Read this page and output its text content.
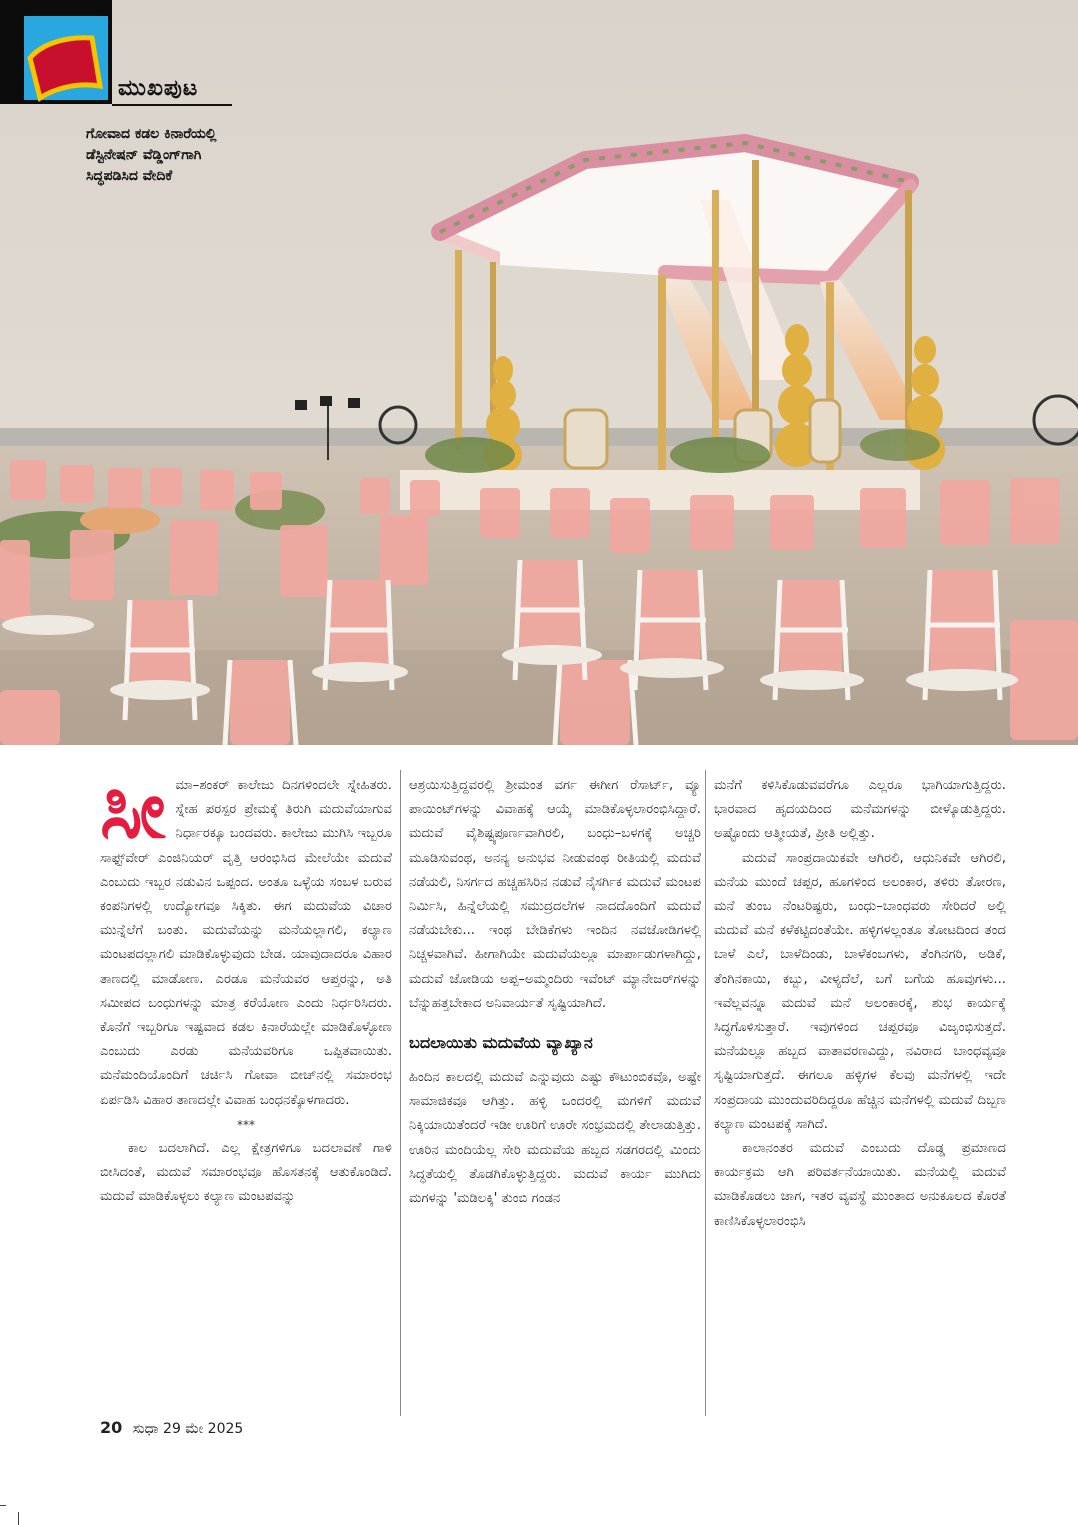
ಮುಖಪುಟ
ಗೋವಾದ ಕಡಲ ಕಿನಾರೆಯಲ್ಲಿ
ಡೆಸ್ಟಿನೇಷನ್ ವೆಡ್ಡಿಂಗ್‌ಗಾಗಿ
ಸಿದ್ಧಪಡಿಸಿದ ವೇದಿಕೆ

ಸೀಮಾ–ಶಂಕರ್ ಕಾಲೇಜು ದಿನಗಳಿಂದಲೇ ಸ್ನೇಹಿತರು. ಸ್ನೇಹ ಪರಸ್ಪರ ಪ್ರೇಮಕ್ಕೆ ತಿರುಗಿ ಮದುವೆಯಾಗುವ ನಿರ್ಧಾರಕ್ಕೂ ಬಂದವರು. ಕಾಲೇಜು ಮುಗಿಸಿ ಇಬ್ಬರೂ ಸಾಫ್ಟ್‌ವೇರ್ ಎಂಜಿನಿಯರ್ ವೃತ್ತಿ ಆರಂಭಿಸಿದ ಮೇಲೆಯೇ ಮದುವೆ ಎಂಬುದು ಇಬ್ಬರ ನಡುವಿನ ಒಪ್ಪಂದ. ಅಂತೂ ಒಳ್ಳೆಯ ಸಂಬಳ ಬರುವ ಕಂಪನಿಗಳಲ್ಲಿ ಉದ್ಯೋಗವೂ ಸಿಕ್ಕಿತು. ಈಗ ಮದುವೆಯ ವಿಚಾರ ಮುನ್ನೆಲೆಗೆ ಬಂತು. ಮದುವೆಯನ್ನು ಮನೆಯಲ್ಲಾಗಲಿ, ಕಲ್ಯಾಣ ಮಂಟಪದಲ್ಲಾಗಲಿ ಮಾಡಿಕೊಳ್ಳುವುದು ಬೇಡ. ಯಾವುದಾದರೂ ವಿಹಾರ ತಾಣದಲ್ಲಿ ಮಾಡೋಣ. ಎರಡೂ ಮನೆಯವರ ಆಪ್ತರನ್ನು, ಅತಿ ಸಮೀಪದ ಬಂಧುಗಳನ್ನು ಮಾತ್ರ ಕರೆಯೋಣ ಎಂದು ನಿರ್ಧರಿಸಿದರು. ಕೊನೆಗೆ ಇಬ್ಬರಿಗೂ ಇಷ್ಟವಾದ ಕಡಲ ಕಿನಾರೆಯಲ್ಲೇ ಮಾಡಿಕೊಳ್ಳೋಣ ಎಂಬುದು ಎರಡು ಮನೆಯವರಿಗೂ ಒಪ್ಪಿತವಾಯಿತು. ಮನೆಮಂದಿಯೊಂದಿಗೆ ಚರ್ಚಿಸಿ ಗೋವಾ ಬೀಚ್‌ನಲ್ಲಿ ಸಮಾರಂಭ ಏರ್ಪಡಿಸಿ ವಿಹಾರ ತಾಣದಲ್ಲೇ ವಿವಾಹ ಬಂಧನಕ್ಕೊಳಗಾದರು.

***

ಕಾಲ ಬದಲಾಗಿದೆ. ಎಲ್ಲ ಕ್ಷೇತ್ರಗಳಿಗೂ ಬದಲಾವಣೆ ಗಾಳಿ ಬೀಸಿದಂತೆ, ಮದುವೆ ಸಮಾರಂಭವೂ ಹೊಸತನಕ್ಕೆ ಆತುಕೊಂಡಿದೆ. ಮದುವೆ ಮಾಡಿಕೊಳ್ಳಲು ಕಲ್ಯಾಣ ಮಂಟಪವನ್ನು

ಆಶ್ರಯಿಸುತ್ತಿದ್ದವರಲ್ಲಿ ಶ್ರೀಮಂತ ವರ್ಗ ಈಗೀಗ ರೆಸಾರ್ಟ್, ವ್ಯೂ ಪಾಯಿಂಟ್‌ಗಳನ್ನು ವಿವಾಹಕ್ಕೆ ಆಯ್ಕೆ ಮಾಡಿಕೊಳ್ಳಲಾರಂಭಿಸಿದ್ದಾರೆ. ಮದುವೆ ವೈಶಿಷ್ಟ್ಯಪೂರ್ಣವಾಗಿರಲಿ, ಬಂಧು–ಬಳಗಕ್ಕೆ ಅಚ್ಚರಿ ಮೂಡಿಸುವಂಥ, ಅನನ್ಯ ಅನುಭವ ನೀಡುವಂಥ ರೀತಿಯಲ್ಲಿ ಮದುವೆ ನಡೆಯಲಿ, ನಿಸರ್ಗದ ಹಚ್ಚಹಸಿರಿನ ನಡುವೆ ನೈಸರ್ಗಿಕ ಮದುವೆ ಮಂಟಪ ನಿರ್ಮಿಸಿ, ಹಿನ್ನೆಲೆಯಲ್ಲಿ ಸಮುದ್ರದಲೆಗಳ ನಾದದೊಂದಿಗೆ ಮದುವೆ ನಡೆಯಬೇಕು... ಇಂಥ ಬೇಡಿಕೆಗಳು ಇಂದಿನ ನವಜೋಡಿಗಳಲ್ಲಿ ನಿಚ್ಚಳವಾಗಿವೆ. ಹೀಗಾಗಿಯೇ ಮದುವೆಯಲ್ಲೂ ಮಾರ್ಪಾಡುಗಳಾಗಿದ್ದು, ಮದುವೆ ಜೋಡಿಯ ಅಪ್ಪ–ಅಮ್ಮಂದಿರು ಇವೆಂಟ್ ಮ್ಯಾನೇಜರ್‌ಗಳನ್ನು ಬೆನ್ನುಹತ್ತಬೇಕಾದ ಅನಿವಾರ್ಯತೆ ಸೃಷ್ಟಿಯಾಗಿದೆ.

ಬದಲಾಯಿತು ಮದುವೆಯ ವ್ಯಾಖ್ಯಾನ

ಹಿಂದಿನ ಕಾಲದಲ್ಲಿ ಮದುವೆ ಎನ್ನುವುದು ಎಷ್ಟು ಕೌಟುಂಬಿಕವೊ, ಅಷ್ಟೇ ಸಾಮಾಜಿಕವೂ ಆಗಿತ್ತು. ಹಳ್ಳಿ ಒಂದರಲ್ಲಿ ಮಗಳಿಗೆ ಮದುವೆ ನಿಕ್ಕಿಯಾಯಿತೆಂದರೆ ಇಡೀ ಊರಿಗೆ ಊರೇ ಸಂಭ್ರಮದಲ್ಲಿ ತೇಲಾಡುತ್ತಿತ್ತು. ಊರಿನ ಮಂದಿಯೆಲ್ಲ ಸೇರಿ ಮದುವೆಯ ಹಬ್ಬದ ಸಡಗರದಲ್ಲಿ ಮಿಂದು ಸಿದ್ಧತೆಯಲ್ಲಿ ತೊಡಗಿಕೊಳ್ಳುತ್ತಿದ್ದರು. ಮದುವೆ ಕಾರ್ಯ ಮುಗಿದು ಮಗಳನ್ನು 'ಮಡಿಲಕ್ಕಿ' ತುಂಬಿ ಗಂಡನ

ಮನೆಗೆ ಕಳಿಸಿಕೊಡುವವರೆಗೂ ಎಲ್ಲರೂ ಭಾಗಿಯಾಗುತ್ತಿದ್ದರು. ಭಾರವಾದ ಹೃದಯದಿಂದ ಮನೆಮಗಳನ್ನು ಬೀಳ್ಕೊಡುತ್ತಿದ್ದರು. ಅಷ್ಟೊಂದು ಆತ್ಮೀಯತೆ, ಪ್ರೀತಿ ಅಲ್ಲಿತ್ತು.

ಮದುವೆ ಸಾಂಪ್ರದಾಯಿಕವೇ ಆಗಿರಲಿ, ಆಧುನಿಕವೇ ಆಗಿರಲಿ, ಮನೆಯ ಮುಂದೆ ಚಪ್ಪರ, ಹೂಗಳಿಂದ ಅಲಂಕಾರ, ತಳಿರು ತೋರಣ, ಮನೆ ತುಂಬ ನೆಂಟರಿಷ್ಟರು, ಬಂಧು–ಬಾಂಧವರು ಸೇರಿದರೆ ಅಲ್ಲಿ ಮದುವೆ ಮನೆ ಕಳೆಕಟ್ಟಿದಂತೆಯೇ. ಹಳ್ಳಿಗಳಲ್ಲಂತೂ ತೋಟದಿಂದ ತಂದ ಬಾಳೆ ಎಲೆ, ಬಾಳೆದಿಂಡು, ಬಾಳೆಕಂಬಗಳು, ತೆಂಗಿನಗರಿ, ಅಡಿಕೆ, ತೆಂಗಿನಕಾಯಿ, ಕಬ್ಬು, ವೀಳ್ಯದೆಲೆ, ಬಗೆ ಬಗೆಯ ಹೂವುಗಳು... ಇವೆಲ್ಲವನ್ನೂ ಮದುವೆ ಮನೆ ಅಲಂಕಾರಕ್ಕೆ, ಶುಭ ಕಾರ್ಯಕ್ಕೆ ಸಿದ್ಧಗೊಳಿಸುತ್ತಾರೆ. ಇವುಗಳಿಂದ ಚಪ್ಪರವೂ ವಿಜೃಂಭಿಸುತ್ತದೆ. ಮನೆಯಲ್ಲೂ ಹಬ್ಬದ ವಾತಾವರಣವಿದ್ದು, ನವಿರಾದ ಬಾಂಧವ್ಯವೂ ಸೃಷ್ಟಿಯಾಗುತ್ತದೆ. ಈಗಲೂ ಹಳ್ಳಿಗಳ ಕೆಲವು ಮನೆಗಳಲ್ಲಿ ಇದೇ ಸಂಪ್ರದಾಯ ಮುಂದುವರಿದಿದ್ದರೂ ಹೆಚ್ಚಿನ ಮನೆಗಳಲ್ಲಿ ಮದುವೆ ದಿಬ್ಬಣ ಕಲ್ಯಾಣ ಮಂಟಪಕ್ಕೆ ಸಾಗಿದೆ.

ಕಾಲಾನಂತರ ಮದುವೆ ಎಂಬುದು ದೊಡ್ಡ ಪ್ರಮಾಣದ ಕಾರ್ಯಕ್ರಮ ಆಗಿ ಪರಿವರ್ತನೆಯಾಯಿತು. ಮನೆಯಲ್ಲಿ ಮದುವೆ ಮಾಡಿಕೊಡಲು ಜಾಗ, ಇತರ ವ್ಯವಸ್ಥೆ ಮುಂತಾದ ಅನುಕೂಲದ ಕೊರತೆ ಕಾಣಿಸಿಕೊಳ್ಳಲಾರಂಭಿಸಿ

20 ಸುಧಾ 29 ಮೇ 2025
